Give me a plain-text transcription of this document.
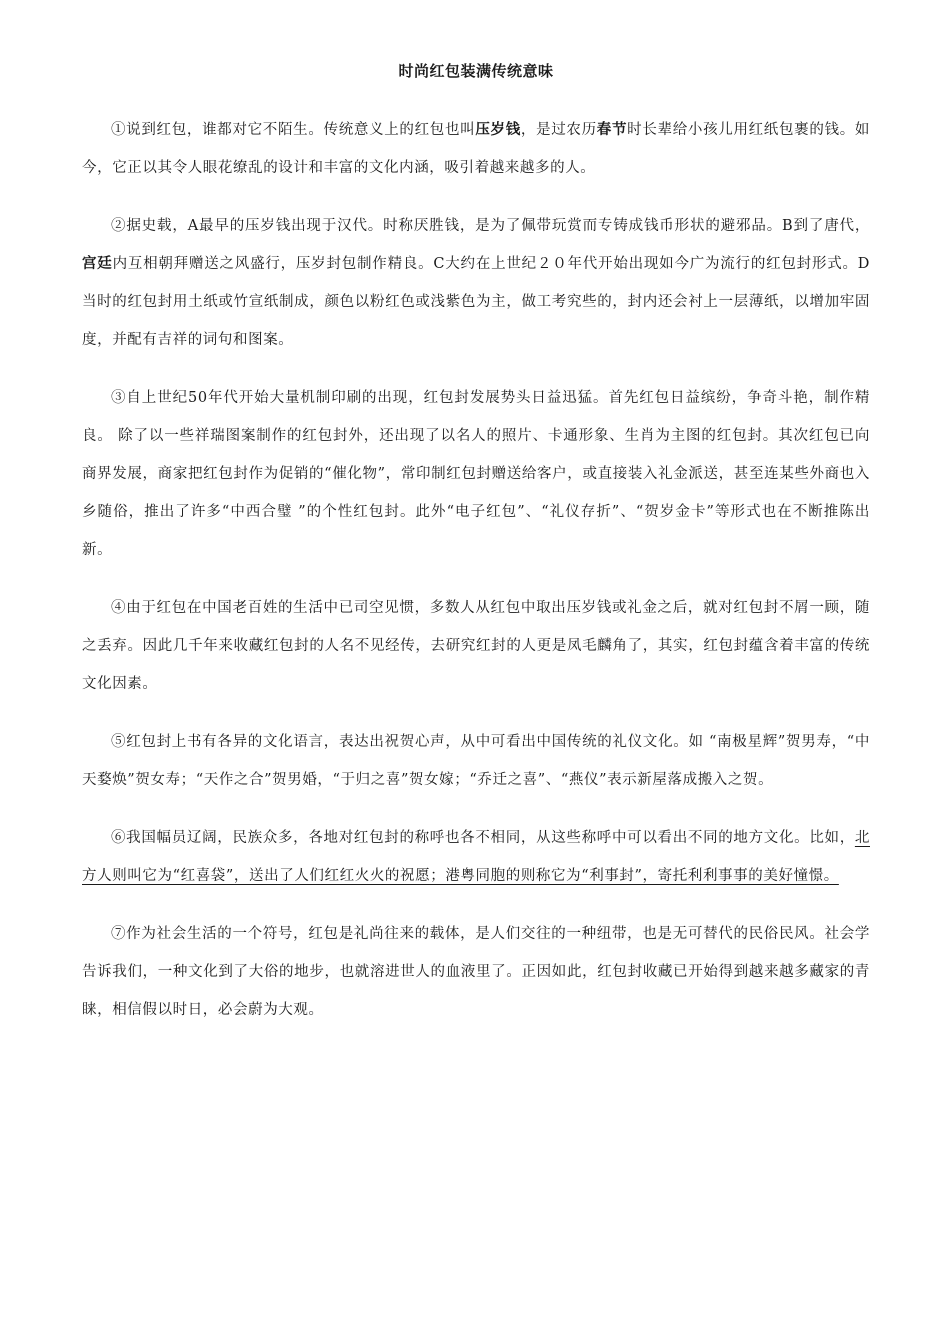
时尚红包装满传统意味

①说到红包，谁都对它不陌生。传统意义上的红包也叫压岁钱，是过农历春节时长辈给小孩儿用红纸包裹的钱。如今，它正以其令人眼花缭乱的设计和丰富的文化内涵，吸引着越来越多的人。

②据史载，A最早的压岁钱出现于汉代。时称厌胜钱，是为了佩带玩赏而专铸成钱币形状的避邪品。B到了唐代，宫廷内互相朝拜赠送之风盛行，压岁封包制作精良。C大约在上世纪２０年代开始出现如今广为流行的红包封形式。D当时的红包封用土纸或竹宣纸制成，颜色以粉红色或浅紫色为主，做工考究些的，封内还会衬上一层薄纸，以增加牢固度，并配有吉祥的词句和图案。

③自上世纪50年代开始大量机制印刷的出现，红包封发展势头日益迅猛。首先红包日益缤纷，争奇斗艳，制作精良。 除了以一些祥瑞图案制作的红包封外，还出现了以名人的照片、卡通形象、生肖为主图的红包封。其次红包已向商界发展，商家把红包封作为促销的“催化物”，常印制红包封赠送给客户，或直接装入礼金派送，甚至连某些外商也入乡随俗，推出了许多“中西合璧 ”的个性红包封。此外“电子红包”、“礼仪存折”、“贺岁金卡”等形式也在不断推陈出新。

④由于红包在中国老百姓的生活中已司空见惯，多数人从红包中取出压岁钱或礼金之后，就对红包封不屑一顾，随之丢弃。因此几千年来收藏红包封的人名不见经传，去研究红封的人更是凤毛麟角了，其实，红包封蕴含着丰富的传统文化因素。

⑤红包封上书有各异的文化语言，表达出祝贺心声，从中可看出中国传统的礼仪文化。如 “南极星辉”贺男寿，“中天婺焕”贺女寿；“天作之合”贺男婚，“于归之喜”贺女嫁；“乔迁之喜”、“燕仪”表示新屋落成搬入之贺。

⑥我国幅员辽阔，民族众多，各地对红包封的称呼也各不相同，从这些称呼中可以看出不同的地方文化。比如，北方人则叫它为“红喜袋”，送出了人们红红火火的祝愿；港粤同胞的则称它为“利事封”，寄托利利事事的美好憧憬。

⑦作为社会生活的一个符号，红包是礼尚往来的载体，是人们交往的一种纽带，也是无可替代的民俗民风。社会学告诉我们，一种文化到了大俗的地步，也就溶进世人的血液里了。正因如此，红包封收藏已开始得到越来越多藏家的青睐，相信假以时日，必会蔚为大观。
